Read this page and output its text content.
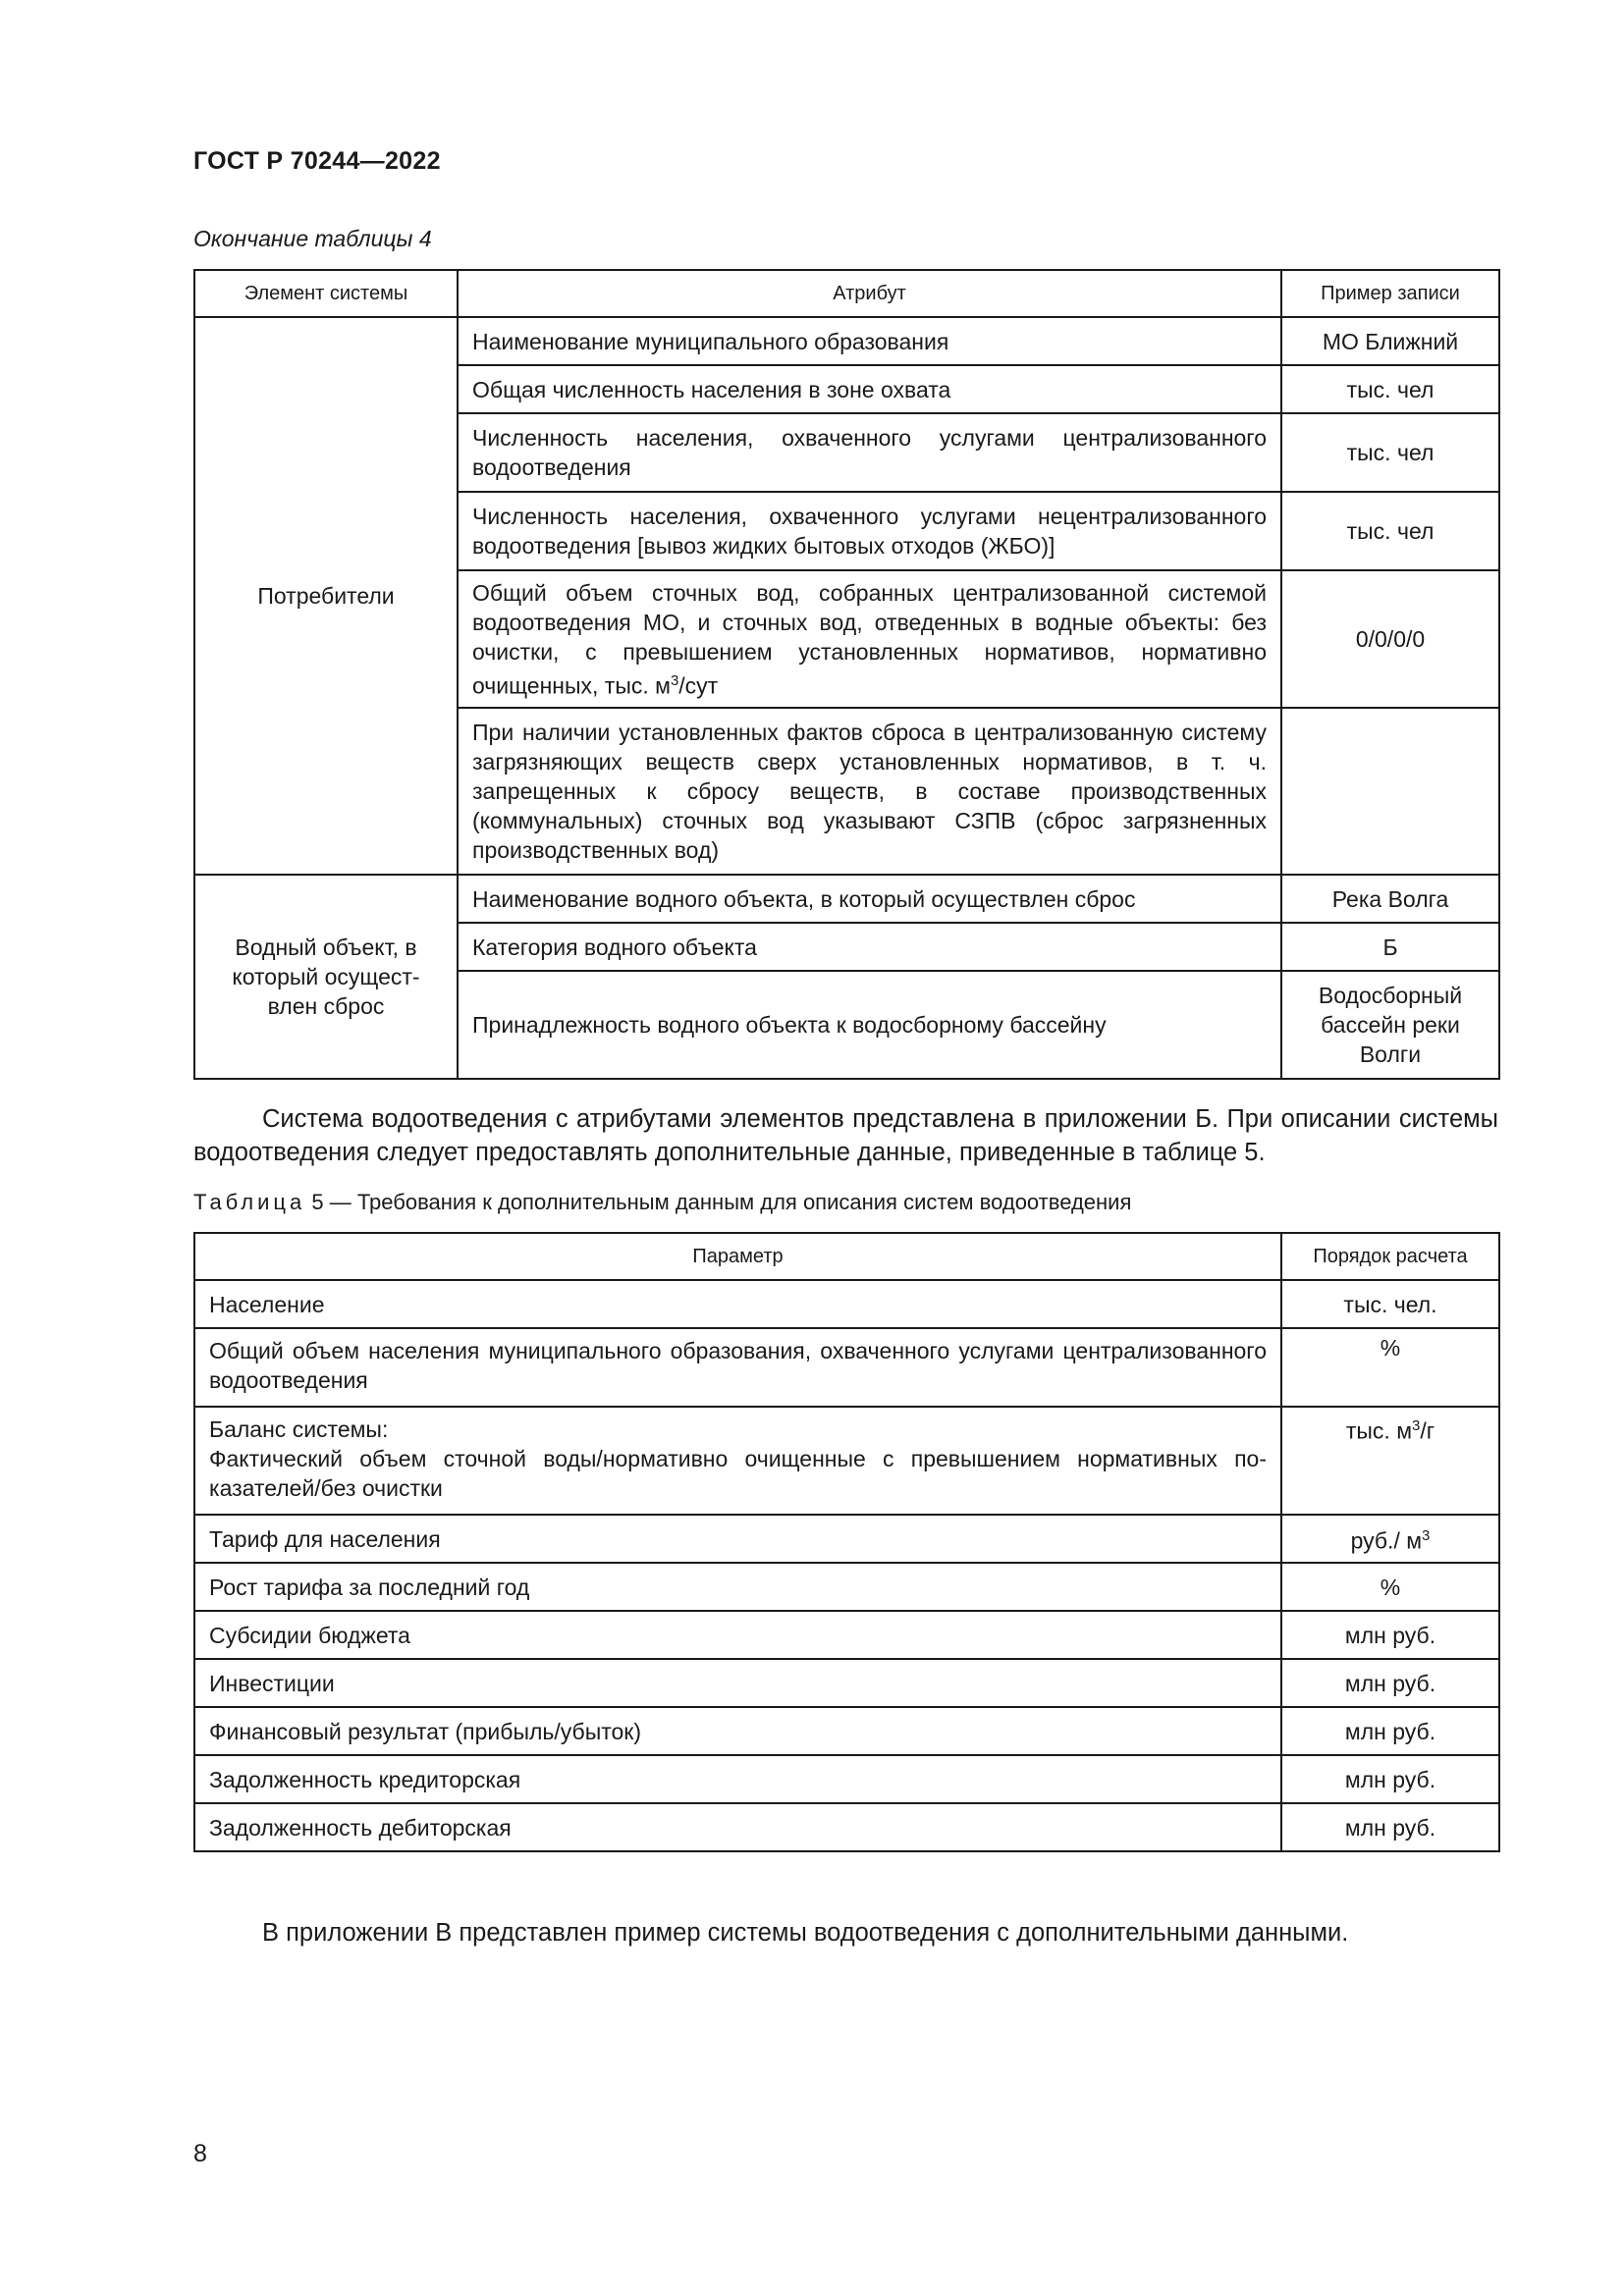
ГОСТ Р 70244—2022
Окончание таблицы 4
Элемент системы	Атрибут	Пример записи
Потребители	Наименование муниципального образования	МО Ближний
	Общая численность населения в зоне охвата	тыс. чел
	Численность населения, охваченного услугами централизованного водоотведения	тыс. чел
	Численность населения, охваченного услугами нецентрализованного водоотведения [вывоз жидких бытовых отходов (ЖБО)]	тыс. чел
	Общий объем сточных вод, собранных централизованной системой водоотведения МО, и сточных вод, отведенных в водные объекты: без очистки, с превышением установленных нормативов, нормативно очищенных, тыс. $м^3$/сут	0/0/0/0
	При наличии установленных фактов сброса в централизованную систему загрязняющих веществ сверх установленных нормативов, в т. ч. запрещенных к сбросу веществ, в составе производственных (коммунальных) сточных вод указывают СЗПВ (сброс загрязненных производственных вод)	
Водный объект, в который осуществлен сброс	Наименование водного объекта, в который осуществлен сброс	Река Волга
	Категория водного объекта	Б
	Принадлежность водного объекта к водосборному бассейну	Водосборный бассейн реки Волги
Система водоотведения с атрибутами элементов представлена в приложении Б. При описании системы водоотведения следует предоставлять дополнительные данные, приведенные в таблице 5.
Таблица 5 — Требования к дополнительным данным для описания систем водоотведения
Параметр	Порядок расчета
Население	тыс. чел.
Общий объем населения муниципального образования, охваченного услугами централизованного водоотведения	%

Баланс системы:
Фактический объем сточной воды/нормативно очищенные с превышением нормативных показателей/без очистки	тыс. $м^3/г$
Тариф для населения	руб./ $м^3$
Рост тарифа за последний год	%
Субсидии бюджета	млн руб.
Инвестиции	млн руб.
Финансовый результат (прибыль/убыток)	млн руб.
Задолженность кредиторская	млн руб.
Задолженность дебиторская	млн руб.
В приложении В представлен пример системы водоотведения с дополнительными данными.
8
